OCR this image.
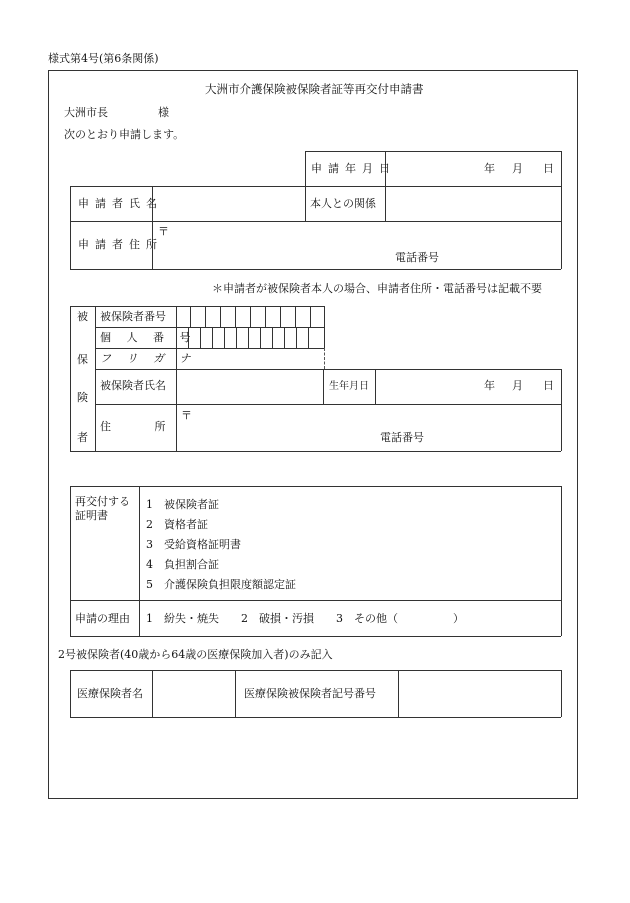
様式第4号(第6条関係)
大洲市介護保険被保険者証等再交付申請書
大洲市長	様
次のとおり申請します。
申請年月日	年 月 日
申請者氏名	本人との関係
申請者住所
〒
電話番号
＊申請者が被保険者本人の場合、申請者住所・電話番号は記載不要
被
保
険
者
被保険者番号
個 人 番 号
フ リ ガ ナ
被保険者氏名	生年月日	年 月 日
住 所
〒
電話番号
再交付する
証明書
1　被保険者証
2　資格者証
3　受給資格証明書
4　負担割合証
5　介護保険負担限度額認定証
申請の理由 1　紛失・焼失　　2　破損・汚損　　3　その他（　　　　　）
2号被保険者(40歳から64歳の医療保険加入者)のみ記入
医療保険者名	医療保険被保険者記号番号
